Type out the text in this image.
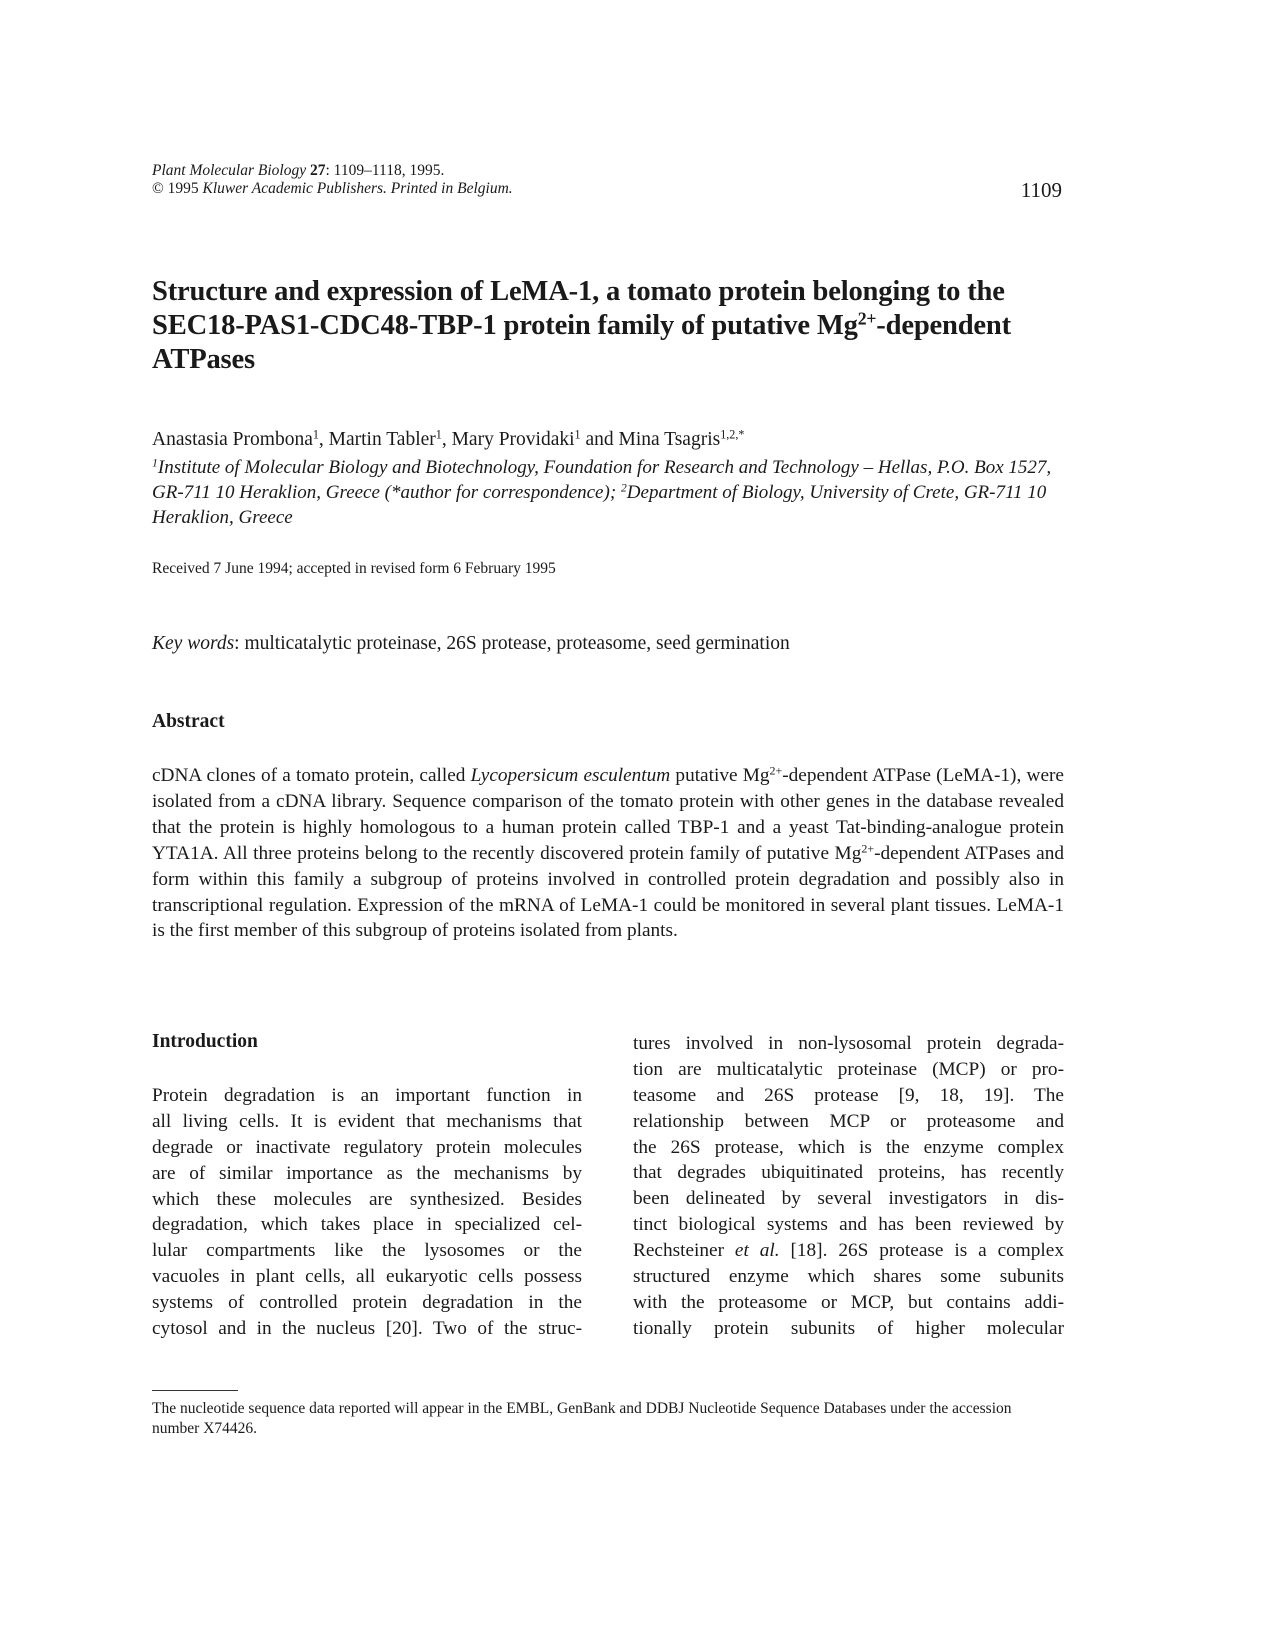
Plant Molecular Biology 27: 1109–1118, 1995.
© 1995 Kluwer Academic Publishers. Printed in Belgium.	1109
Structure and expression of LeMA-1, a tomato protein belonging to the
SEC18-PAS1-CDC48-TBP-1 protein family of putative $Mg^{2+}$-dependent
ATPases
Anastasia Prombona$^1$, Martin Tabler$^1$, Mary Providaki$^1$ and Mina Tsagris$^{1,2,*}$
$^1$Institute of Molecular Biology and Biotechnology, Foundation for Research and Technology – Hellas, P.O. Box 1527, GR-711 10 Heraklion, Greece (*author for correspondence); $^2$Department of Biology, University of Crete, GR-711 10 Heraklion, Greece
Received 7 June 1994; accepted in revised form 6 February 1995
Key words: multicatalytic proteinase, 26S protease, proteasome, seed germination
Abstract
cDNA clones of a tomato protein, called Lycopersicum esculentum putative $Mg^{2+}$-dependent ATPase (LeMA-1), were isolated from a cDNA library. Sequence comparison of the tomato protein with other genes in the database revealed that the protein is highly homologous to a human protein called TBP-1 and a yeast Tat-binding-analogue protein YTA1A. All three proteins belong to the recently discovered protein family of putative $Mg^{2+}$-dependent ATPases and form within this family a subgroup of proteins involved in controlled protein degradation and possibly also in transcriptional regulation. Expression of the mRNA of LeMA-1 could be monitored in several plant tissues. LeMA-1 is the first member of this subgroup of proteins isolated from plants.
Introduction
Protein degradation is an important function in
all living cells. It is evident that mechanisms that
degrade or inactivate regulatory protein molecules
are of similar importance as the mechanisms by
which these molecules are synthesized. Besides
degradation, which takes place in specialized cel-
lular compartments like the lysosomes or the
vacuoles in plant cells, all eukaryotic cells possess
systems of controlled protein degradation in the
cytosol and in the nucleus [20]. Two of the struc-
tures involved in non-lysosomal protein degrada-
tion are multicatalytic proteinase (MCP) or pro-
teasome and 26S protease [9, 18, 19]. The
relationship between MCP or proteasome and
the 26S protease, which is the enzyme complex
that degrades ubiquitinated proteins, has recently
been delineated by several investigators in dis-
tinct biological systems and has been reviewed by
Rechsteiner et al. [18]. 26S protease is a complex
structured enzyme which shares some subunits
with the proteasome or MCP, but contains addi-
tionally protein subunits of higher molecular
The nucleotide sequence data reported will appear in the EMBL, GenBank and DDBJ Nucleotide Sequence Databases under the accession number X74426.
